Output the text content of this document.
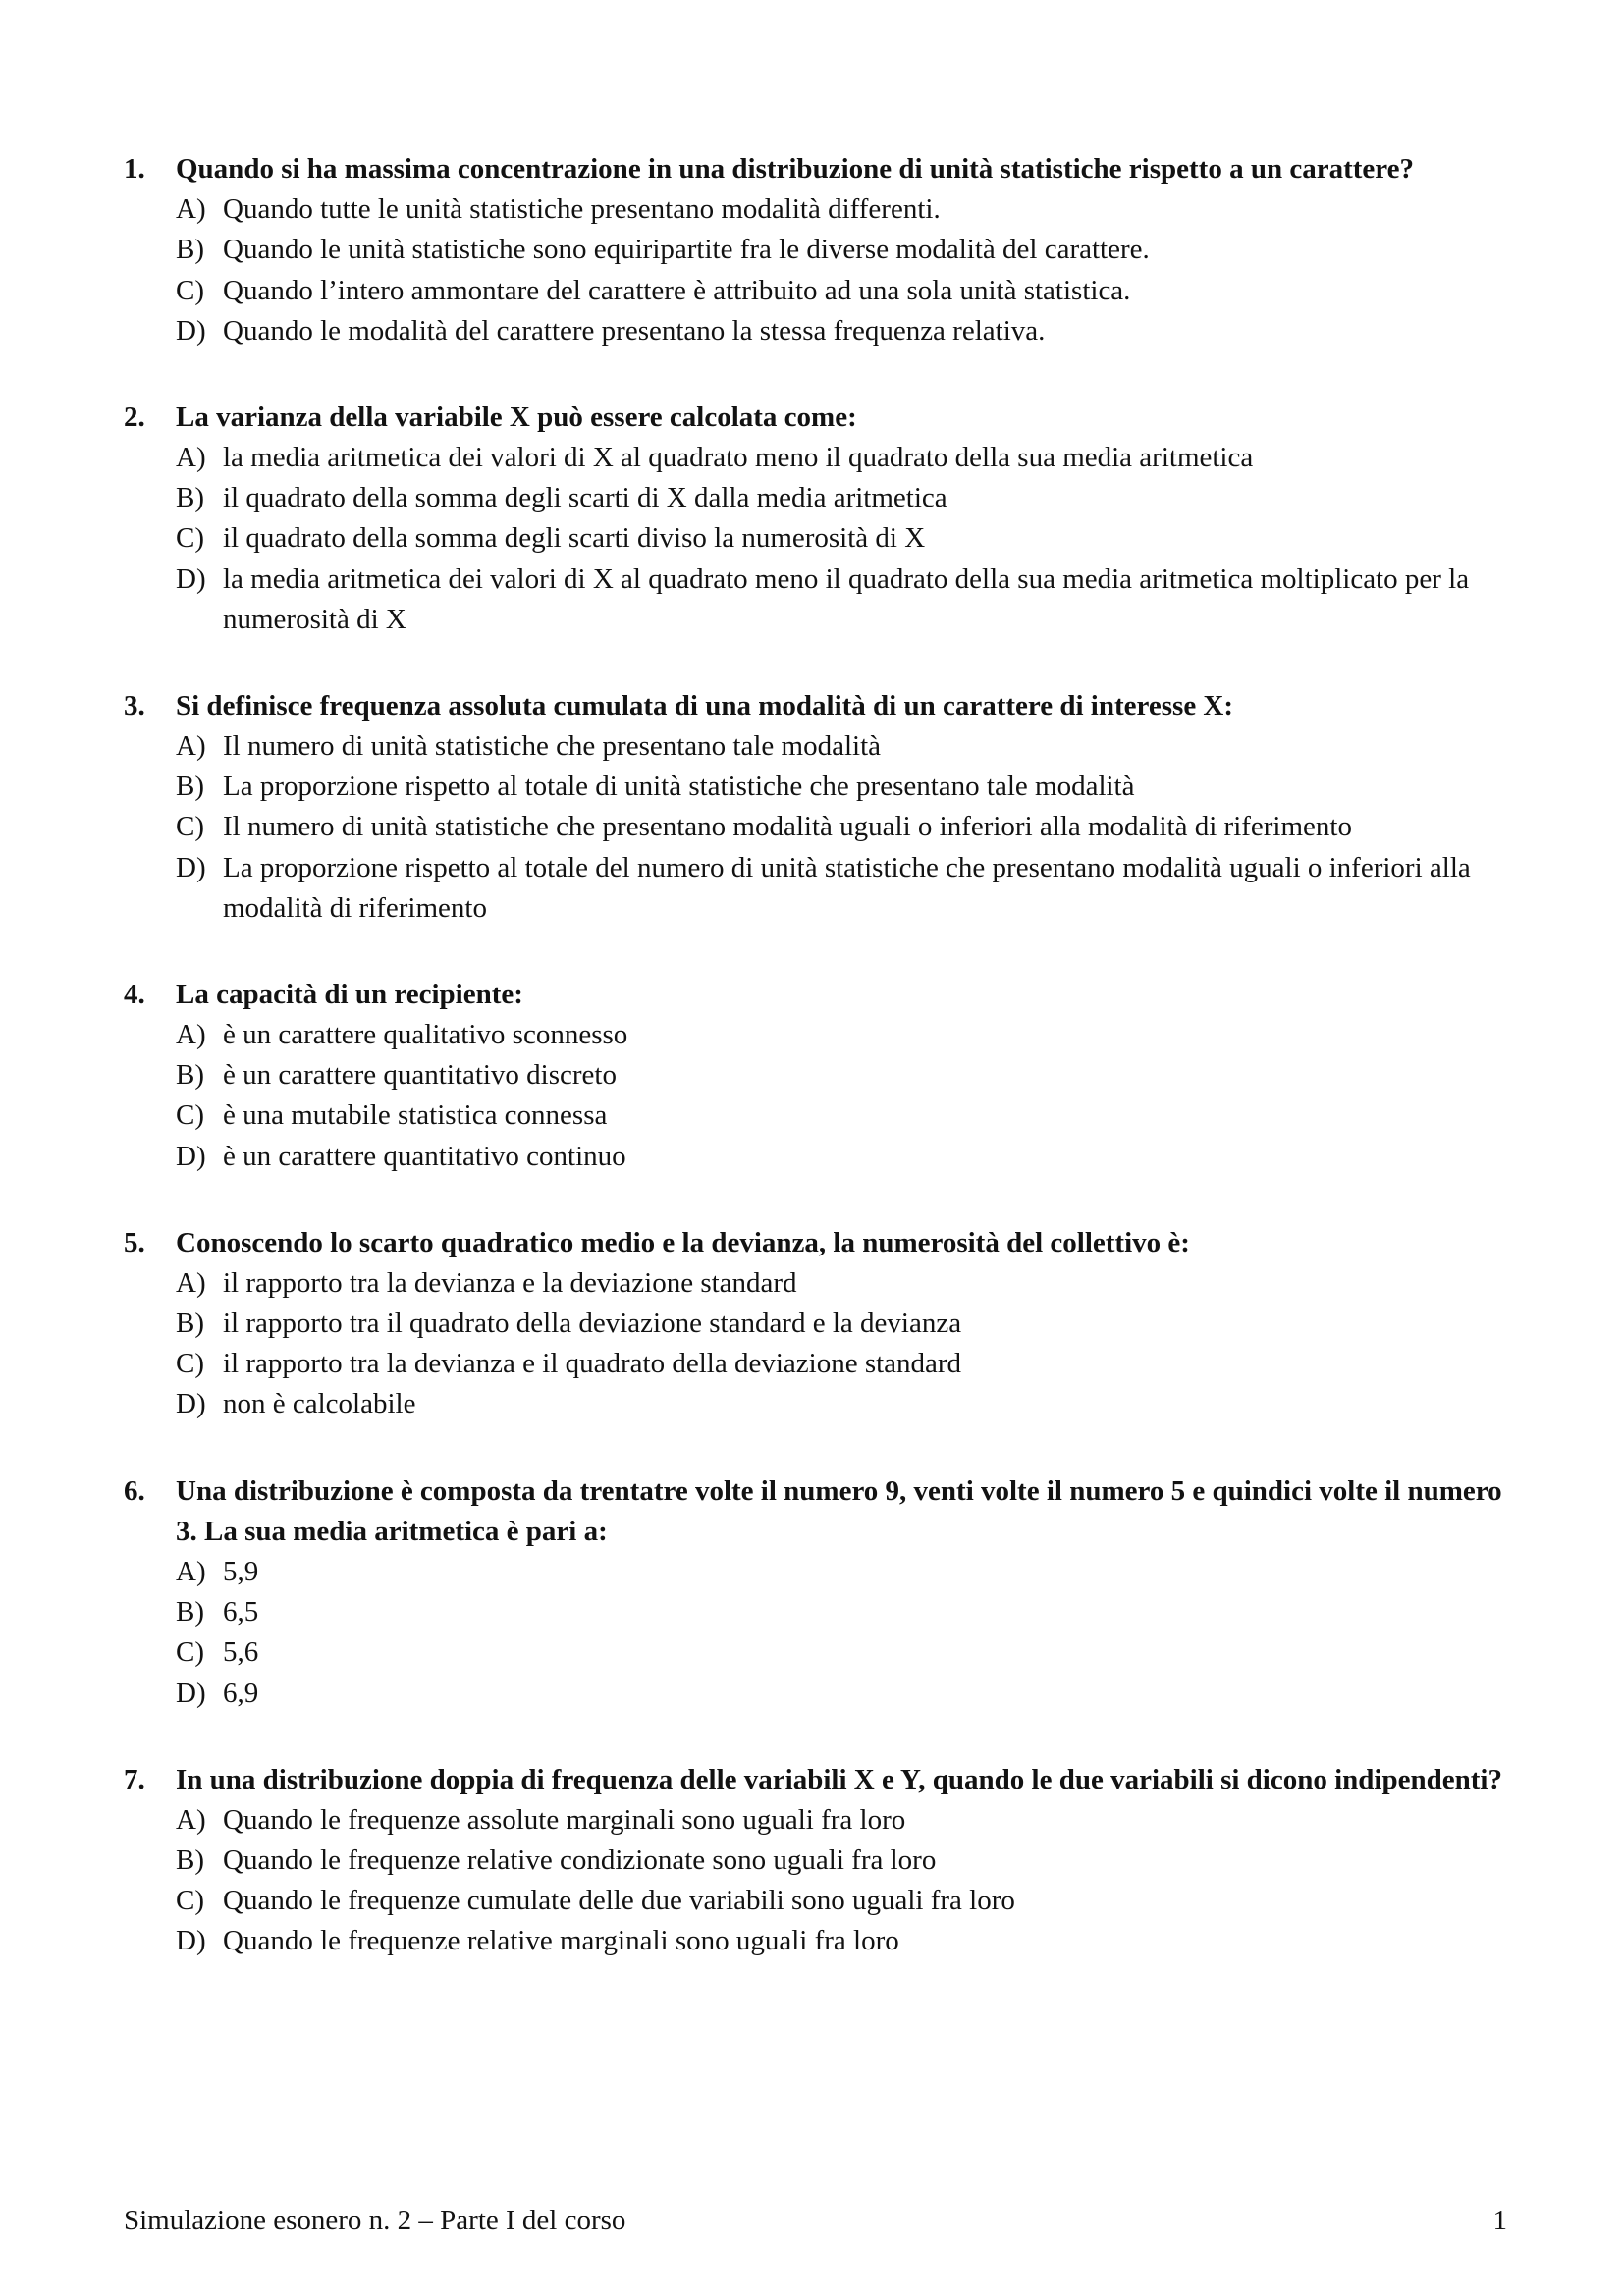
1.	Quando si ha massima concentrazione in una distribuzione di unità statistiche rispetto a un carattere?
A) Quando tutte le unità statistiche presentano modalità differenti.
B) Quando le unità statistiche sono equiripartite fra le diverse modalità del carattere.
C) Quando l’intero ammontare del carattere è attribuito ad una sola unità statistica.
D) Quando le modalità del carattere presentano la stessa frequenza relativa.
2.	La varianza della variabile X può essere calcolata come:
A) la media aritmetica dei valori di X al quadrato meno il quadrato della sua media aritmetica
B) il quadrato della somma degli scarti di X dalla media aritmetica
C) il quadrato della somma degli scarti diviso la numerosità di X
D) la media aritmetica dei valori di X al quadrato meno il quadrato della sua media aritmetica moltiplicato per la numerosità di X
3.	Si definisce frequenza assoluta cumulata di una modalità di un carattere di interesse X:
A) Il numero di unità statistiche che presentano tale modalità
B) La proporzione rispetto al totale di unità statistiche che presentano tale modalità
C) Il numero di unità statistiche che presentano modalità uguali o inferiori alla modalità di riferimento
D) La proporzione rispetto al totale del numero di unità statistiche che presentano modalità uguali o inferiori alla modalità di riferimento
4.	La capacità di un recipiente:
A) è un carattere qualitativo sconnesso
B) è un carattere quantitativo discreto
C) è una mutabile statistica connessa
D) è un carattere quantitativo continuo
5.	Conoscendo lo scarto quadratico medio e la devianza, la numerosità del collettivo è:
A) il rapporto tra la devianza e la deviazione standard
B) il rapporto tra il quadrato della deviazione standard e la devianza
C) il rapporto tra la devianza e il quadrato della deviazione standard
D) non è calcolabile
6.	Una distribuzione è composta da trentatre volte il numero 9, venti volte il numero 5 e quindici volte il numero 3. La sua media aritmetica è pari a:
A) 5,9
B) 6,5
C) 5,6
D) 6,9
7.	In una distribuzione doppia di frequenza delle variabili X e Y, quando le due variabili si dicono indipendenti?
A) Quando le frequenze assolute marginali sono uguali fra loro
B) Quando le frequenze relative condizionate sono uguali fra loro
C) Quando le frequenze cumulate delle due variabili sono uguali fra loro
D) Quando le frequenze relative marginali sono uguali fra loro
Simulazione esonero n. 2 – Parte I del corso	1
